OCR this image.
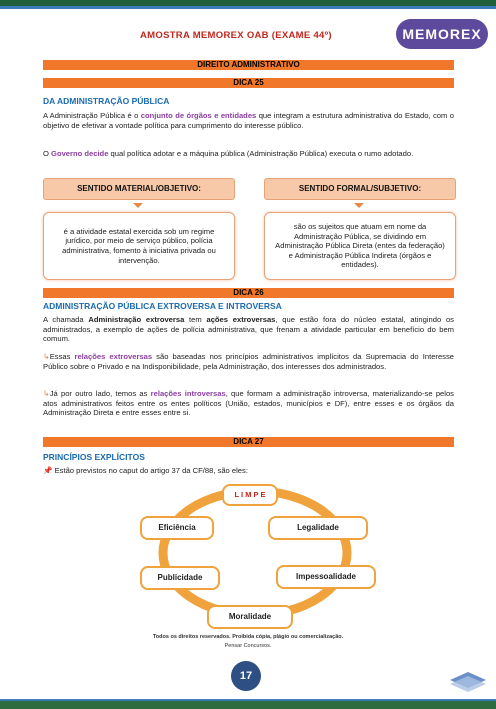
AMOSTRA MEMOREX OAB (EXAME 44º)	MEMOREX
DIREITO ADMINISTRATIVO
DICA 25
DA ADMINISTRAÇÃO PÚBLICA
A Administração Pública é o conjunto de órgãos e entidades que integram a estrutura administrativa do Estado, com o objetivo de efetivar a vontade política para cumprimento do interesse público.
O Governo decide qual política adotar e a máquina pública (Administração Pública) executa o rumo adotado.
SENTIDO MATERIAL/OBJETIVO:
é a atividade estatal exercida sob um regime jurídico, por meio de serviço público, polícia administrativa, fomento à iniciativa privada ou intervenção.
SENTIDO FORMAL/SUBJETIVO:
são os sujeitos que atuam em nome da Administração Pública, se dividindo em Administração Pública Direta (entes da federação) e Administração Pública Indireta (órgãos e entidades).
DICA 26
ADMINISTRAÇÃO PÚBLICA EXTROVERSA E INTROVERSA
A chamada Administração extroversa tem ações extroversas, que estão fora do núcleo estatal, atingindo os administrados, a exemplo de ações de polícia administrativa, que frenam a atividade particular em benefício do bem comum.
↳Essas relações extroversas são baseadas nos princípios administrativos implícitos da Supremacia do Interesse Público sobre o Privado e na Indisponibilidade, pela Administração, dos interesses dos administrados.
↳Já por outro lado, temos as relações introversas, que formam a administração introversa, materializando-se pelos atos administrativos feitos entre os entes políticos (União, estados, municípios e DF), entre esses e os órgãos da Administração Direta e entre esses entre si.
DICA 27
PRINCÍPIOS EXPLÍCITOS
📌 Estão previstos no caput do artigo 37 da CF/88, são eles:
L I M P E
Legalidade
Impessoalidade
Moralidade
Publicidade
Eficiência
Todos os direitos reservados. Proibida cópia, plágio ou comercialização.
Pensar Concursos.
17
